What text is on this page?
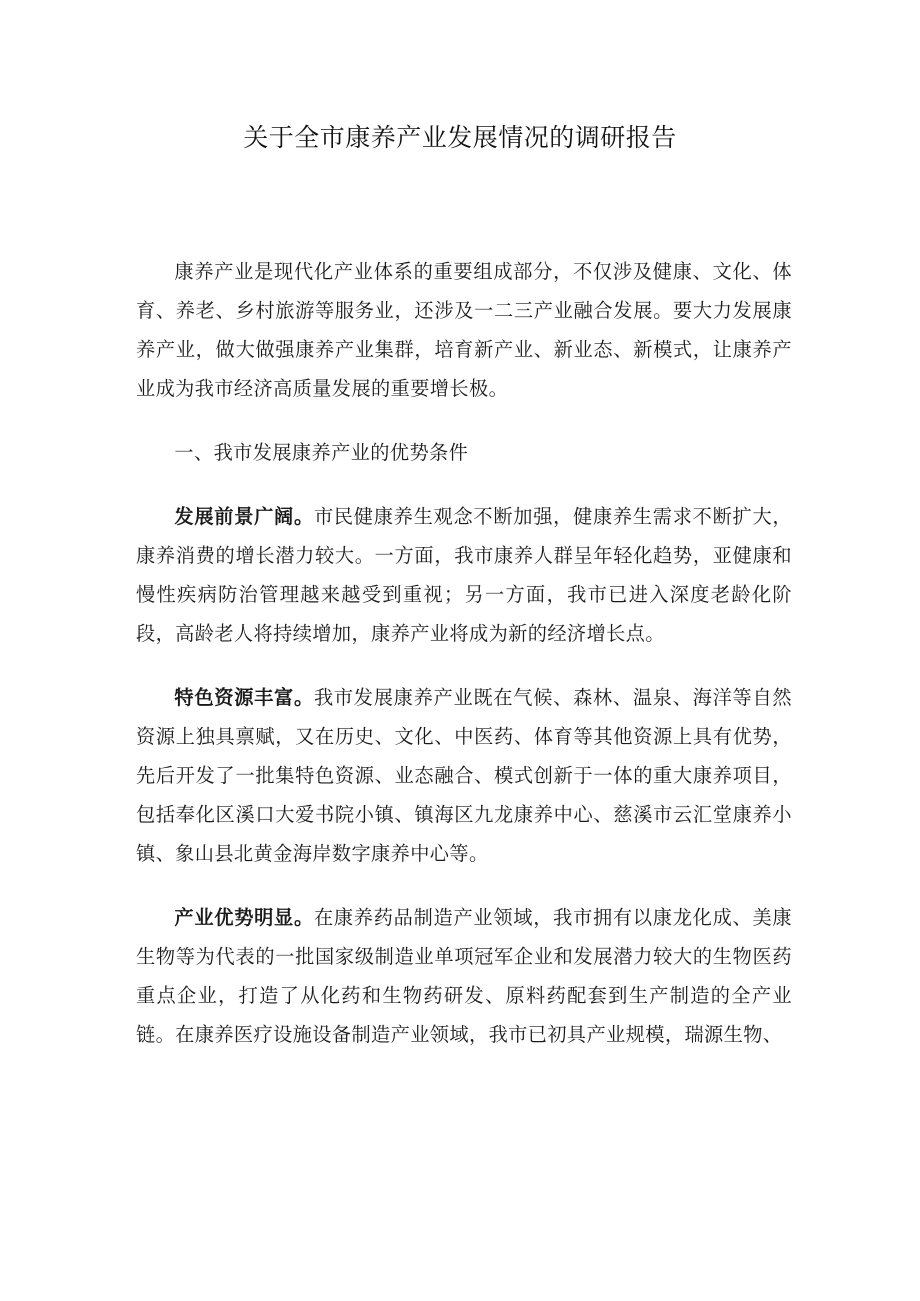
关于全市康养产业发展情况的调研报告

康养产业是现代化产业体系的重要组成部分，不仅涉及健康、文化、体育、养老、乡村旅游等服务业，还涉及一二三产业融合发展。要大力发展康养产业，做大做强康养产业集群，培育新产业、新业态、新模式，让康养产业成为我市经济高质量发展的重要增长极。

一、我市发展康养产业的优势条件

发展前景广阔。市民健康养生观念不断加强，健康养生需求不断扩大，康养消费的增长潜力较大。一方面，我市康养人群呈年轻化趋势，亚健康和慢性疾病防治管理越来越受到重视；另一方面，我市已进入深度老龄化阶段，高龄老人将持续增加，康养产业将成为新的经济增长点。

特色资源丰富。我市发展康养产业既在气候、森林、温泉、海洋等自然资源上独具禀赋，又在历史、文化、中医药、体育等其他资源上具有优势，先后开发了一批集特色资源、业态融合、模式创新于一体的重大康养项目，包括奉化区溪口大爱书院小镇、镇海区九龙康养中心、慈溪市云汇堂康养小镇、象山县北黄金海岸数字康养中心等。

产业优势明显。在康养药品制造产业领域，我市拥有以康龙化成、美康生物等为代表的一批国家级制造业单项冠军企业和发展潜力较大的生物医药重点企业，打造了从化药和生物药研发、原料药配套到生产制造的全产业链。在康养医疗设施设备制造产业领域，我市已初具产业规模，瑞源生物、
